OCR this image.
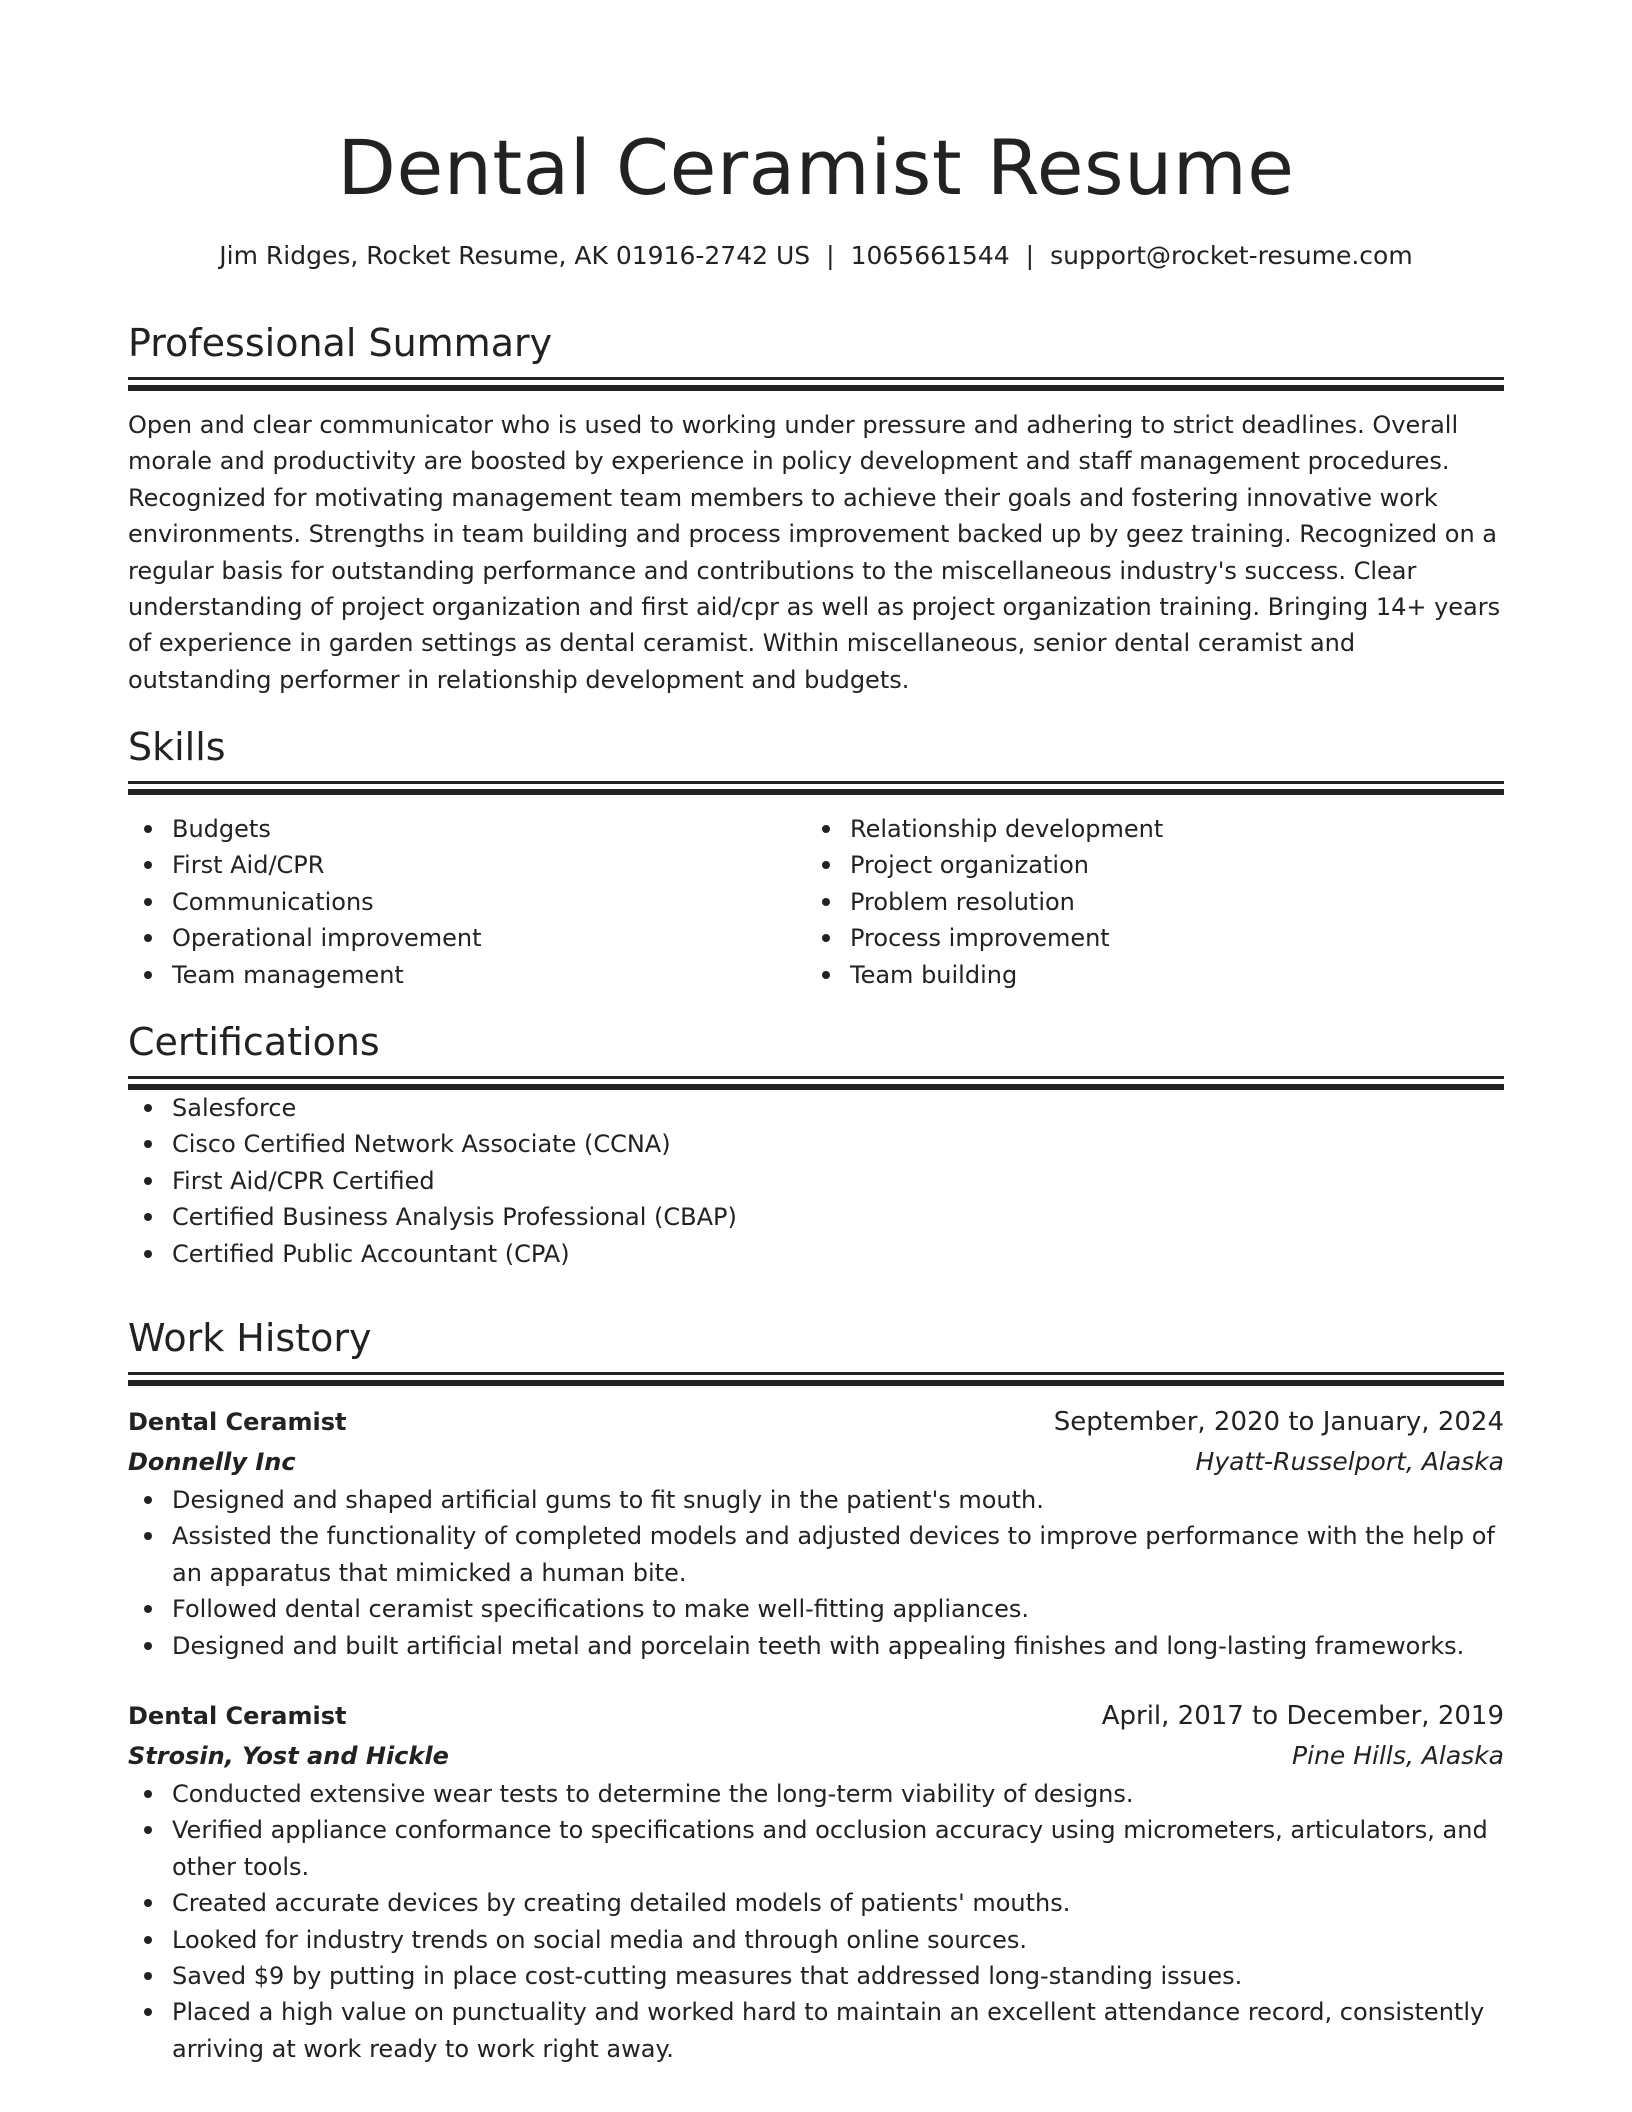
Dental Ceramist Resume
Jim Ridges, Rocket Resume, AK 01916-2742 US | 1065661544 | support@rocket-resume.com
Professional Summary
Open and clear communicator who is used to working under pressure and adhering to strict deadlines. Overall morale and productivity are boosted by experience in policy development and staff management procedures. Recognized for motivating management team members to achieve their goals and fostering innovative work environments. Strengths in team building and process improvement backed up by geez training. Recognized on a regular basis for outstanding performance and contributions to the miscellaneous industry's success. Clear understanding of project organization and first aid/cpr as well as project organization training. Bringing 14+ years of experience in garden settings as dental ceramist. Within miscellaneous, senior dental ceramist and outstanding performer in relationship development and budgets.
Skills
Budgets
First Aid/CPR
Communications
Operational improvement
Team management
Relationship development
Project organization
Problem resolution
Process improvement
Team building
Certifications
Salesforce
Cisco Certified Network Associate (CCNA)
First Aid/CPR Certified
Certified Business Analysis Professional (CBAP)
Certified Public Accountant (CPA)
Work History
Dental Ceramist	September, 2020 to January, 2024
Donnelly Inc	Hyatt-Russelport, Alaska
Designed and shaped artificial gums to fit snugly in the patient's mouth.
Assisted the functionality of completed models and adjusted devices to improve performance with the help of an apparatus that mimicked a human bite.
Followed dental ceramist specifications to make well-fitting appliances.
Designed and built artificial metal and porcelain teeth with appealing finishes and long-lasting frameworks.
Dental Ceramist	April, 2017 to December, 2019
Strosin, Yost and Hickle	Pine Hills, Alaska
Conducted extensive wear tests to determine the long-term viability of designs.
Verified appliance conformance to specifications and occlusion accuracy using micrometers, articulators, and other tools.
Created accurate devices by creating detailed models of patients' mouths.
Looked for industry trends on social media and through online sources.
Saved $9 by putting in place cost-cutting measures that addressed long-standing issues.
Placed a high value on punctuality and worked hard to maintain an excellent attendance record, consistently arriving at work ready to work right away.
